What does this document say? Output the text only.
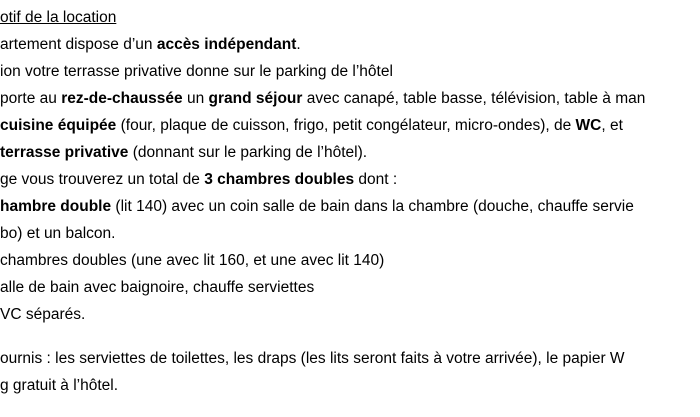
otif de la location
artement dispose d’un accès indépendant.
ion votre terrasse privative donne sur le parking de l’hôtel
porte au rez-de-chaussée un grand séjour avec canapé, table basse, télévision, table à man
cuisine équipée (four, plaque de cuisson, frigo, petit congélateur, micro-ondes), de WC, et
terrasse privative (donnant sur le parking de l’hôtel).
ge vous trouverez un total de 3 chambres doubles dont :
hambre double (lit 140) avec un coin salle de bain dans la chambre (douche, chauffe servie
bo) et un balcon.
chambres doubles (une avec lit 160, et une avec lit 140)
alle de bain avec baignoire, chauffe serviettes
VC séparés.
ournis : les serviettes de toilettes, les draps (les lits seront faits à votre arrivée), le papier W
g gratuit à l’hôtel.
